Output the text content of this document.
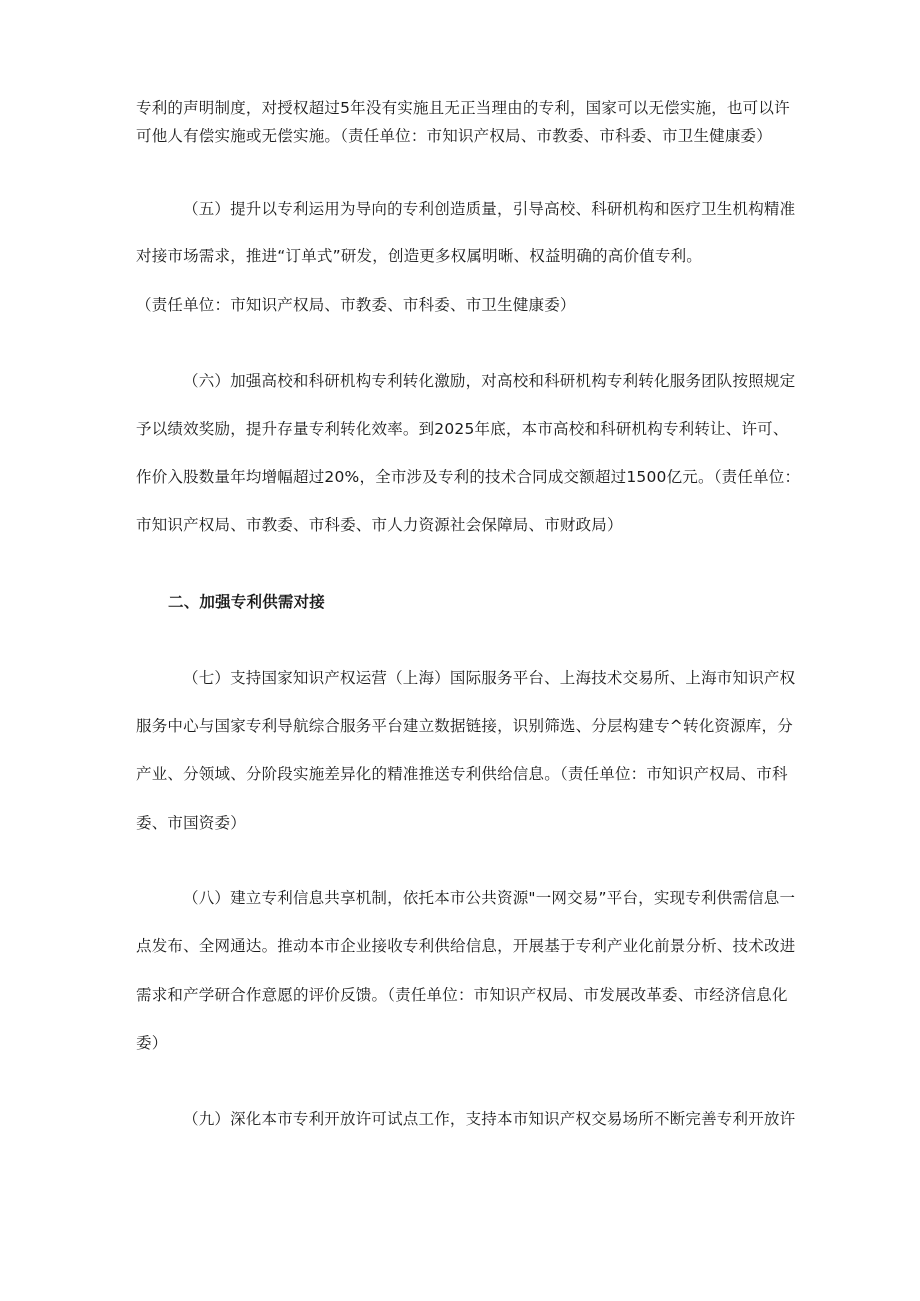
专利的声明制度，对授权超过5年没有实施且无正当理由的专利，国家可以无偿实施，也可以许
可他人有偿实施或无偿实施。（责任单位：市知识产权局、市教委、市科委、市卫生健康委）
（五）提升以专利运用为导向的专利创造质量，引导高校、科研机构和医疗卫生机构精准
对接市场需求，推进“订单式”研发，创造更多权属明晰、权益明确的高价值专利。
（责任单位：市知识产权局、市教委、市科委、市卫生健康委）
（六）加强高校和科研机构专利转化激励，对高校和科研机构专利转化服务团队按照规定
予以绩效奖励，提升存量专利转化效率。到2025年底，本市高校和科研机构专利转让、许可、
作价入股数量年均增幅超过20%，全市涉及专利的技术合同成交额超过1500亿元。（责任单位：
市知识产权局、市教委、市科委、市人力资源社会保障局、市财政局）
二、加强专利供需对接
（七）支持国家知识产权运营（上海）国际服务平台、上海技术交易所、上海市知识产权
服务中心与国家专利导航综合服务平台建立数据链接，识别筛选、分层构建专^转化资源库，分
产业、分领域、分阶段实施差异化的精准推送专利供给信息。（责任单位：市知识产权局、市科
委、市国资委）
（八）建立专利信息共享机制，依托本市公共资源"一网交易”平台，实现专利供需信息一
点发布、全网通达。推动本市企业接收专利供给信息，开展基于专利产业化前景分析、技术改进
需求和产学研合作意愿的评价反馈。（责任单位：市知识产权局、市发展改革委、市经济信息化
委）
（九）深化本市专利开放许可试点工作，支持本市知识产权交易场所不断完善专利开放许
